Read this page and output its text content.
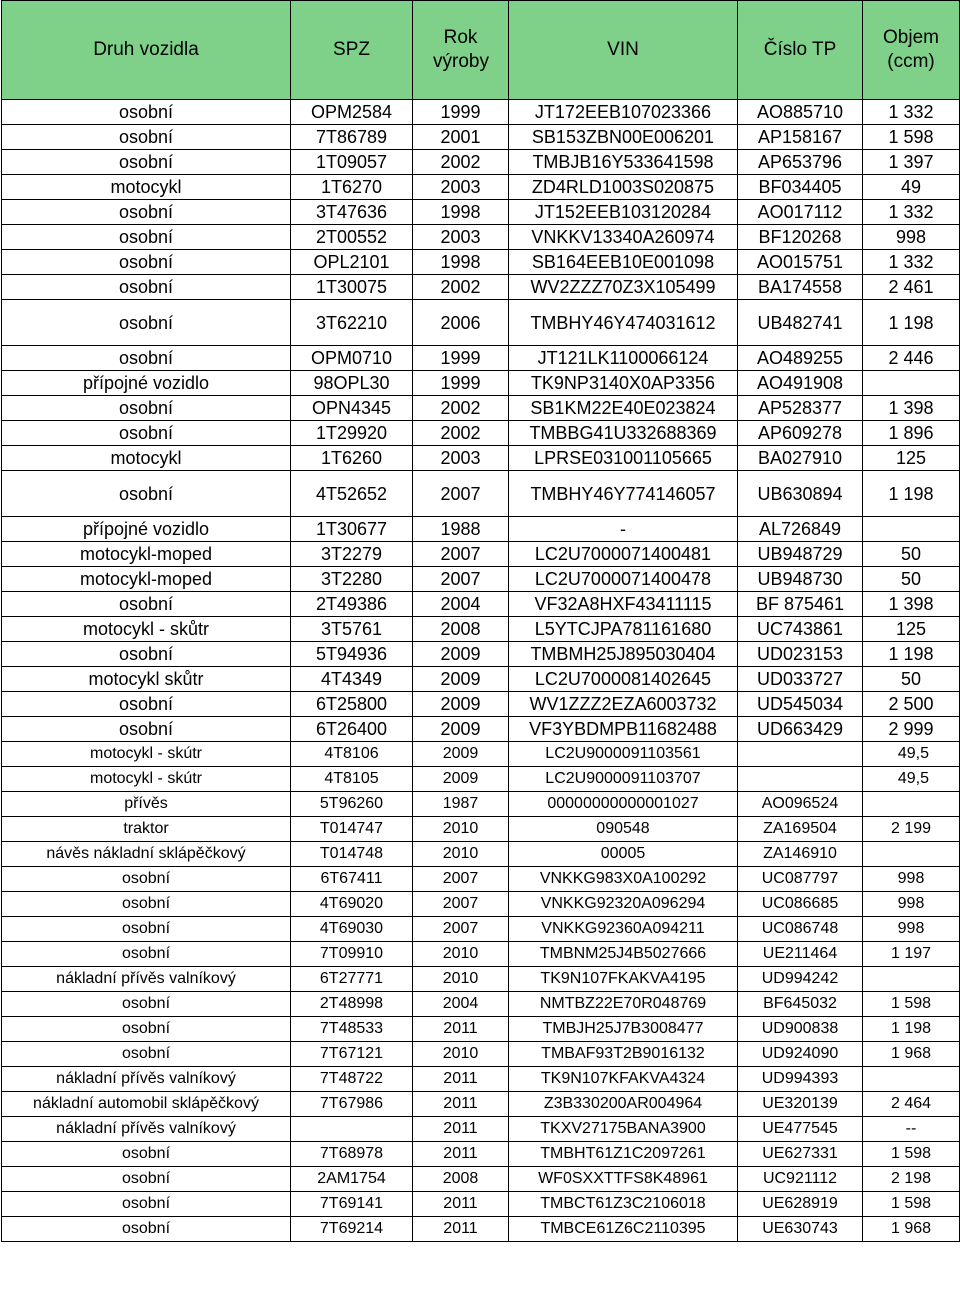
Druh vozidla	SPZ	Rok výroby	VIN	Číslo TP	Objem (ccm)
osobní	OPM2584	1999	JT172EEB107023366	AO885710	1 332
osobní	7T86789	2001	SB153ZBN00E006201	AP158167	1 598
osobní	1T09057	2002	TMBJB16Y533641598	AP653796	1 397
motocykl	1T6270	2003	ZD4RLD1003S020875	BF034405	49
osobní	3T47636	1998	JT152EEB103120284	AO017112	1 332
osobní	2T00552	2003	VNKKV13340A260974	BF120268	998
osobní	OPL2101	1998	SB164EEB10E001098	AO015751	1 332
osobní	1T30075	2002	WV2ZZZ70Z3X105499	BA174558	2 461
osobní	3T62210	2006	TMBHY46Y474031612	UB482741	1 198
osobní	OPM0710	1999	JT121LK1100066124	AO489255	2 446
přípojné vozidlo	98OPL30	1999	TK9NP3140X0AP3356	AO491908	
osobní	OPN4345	2002	SB1KM22E40E023824	AP528377	1 398
osobní	1T29920	2002	TMBBG41U332688369	AP609278	1 896
motocykl	1T6260	2003	LPRSE031001105665	BA027910	125
osobní	4T52652	2007	TMBHY46Y774146057	UB630894	1 198
přípojné vozidlo	1T30677	1988	-	AL726849	
motocykl-moped	3T2279	2007	LC2U7000071400481	UB948729	50
motocykl-moped	3T2280	2007	LC2U7000071400478	UB948730	50
osobní	2T49386	2004	VF32A8HXF43411115	BF 875461	1 398
motocykl - skůtr	3T5761	2008	L5YTCJPA781161680	UC743861	125
osobní	5T94936	2009	TMBMH25J895030404	UD023153	1 198
motocykl skůtr	4T4349	2009	LC2U7000081402645	UD033727	50
osobní	6T25800	2009	WV1ZZZ2EZA6003732	UD545034	2 500
osobní	6T26400	2009	VF3YBDMPB11682488	UD663429	2 999
motocykl - skútr	4T8106	2009	LC2U9000091103561		49,5
motocykl - skútr	4T8105	2009	LC2U9000091103707		49,5
přívěs	5T96260	1987	00000000000001027	AO096524	
traktor	T014747	2010	090548	ZA169504	2 199
návěs nákladní sklápěčkový	T014748	2010	00005	ZA146910	
osobní	6T67411	2007	VNKKG983X0A100292	UC087797	998
osobní	4T69020	2007	VNKKG92320A096294	UC086685	998
osobní	4T69030	2007	VNKKG92360A094211	UC086748	998
osobní	7T09910	2010	TMBNM25J4B5027666	UE211464	1 197
nákladní přívěs valníkový	6T27771	2010	TK9N107FKAKVA4195	UD994242	
osobní	2T48998	2004	NMTBZ22E70R048769	BF645032	1 598
osobní	7T48533	2011	TMBJH25J7B3008477	UD900838	1 198
osobní	7T67121	2010	TMBAF93T2B9016132	UD924090	1 968
nákladní přívěs valníkový	7T48722	2011	TK9N107KFAKVA4324	UD994393	
nákladní automobil sklápěčkový	7T67986	2011	Z3B330200AR004964	UE320139	2 464
nákladní přívěs valníkový		2011	TKXV27175BANA3900	UE477545	--
osobní	7T68978	2011	TMBHT61Z1C2097261	UE627331	1 598
osobní	2AM1754	2008	WF0SXXTTFS8K48961	UC921112	2 198
osobní	7T69141	2011	TMBCT61Z3C2106018	UE628919	1 598
osobní	7T69214	2011	TMBCE61Z6C2110395	UE630743	1 968
